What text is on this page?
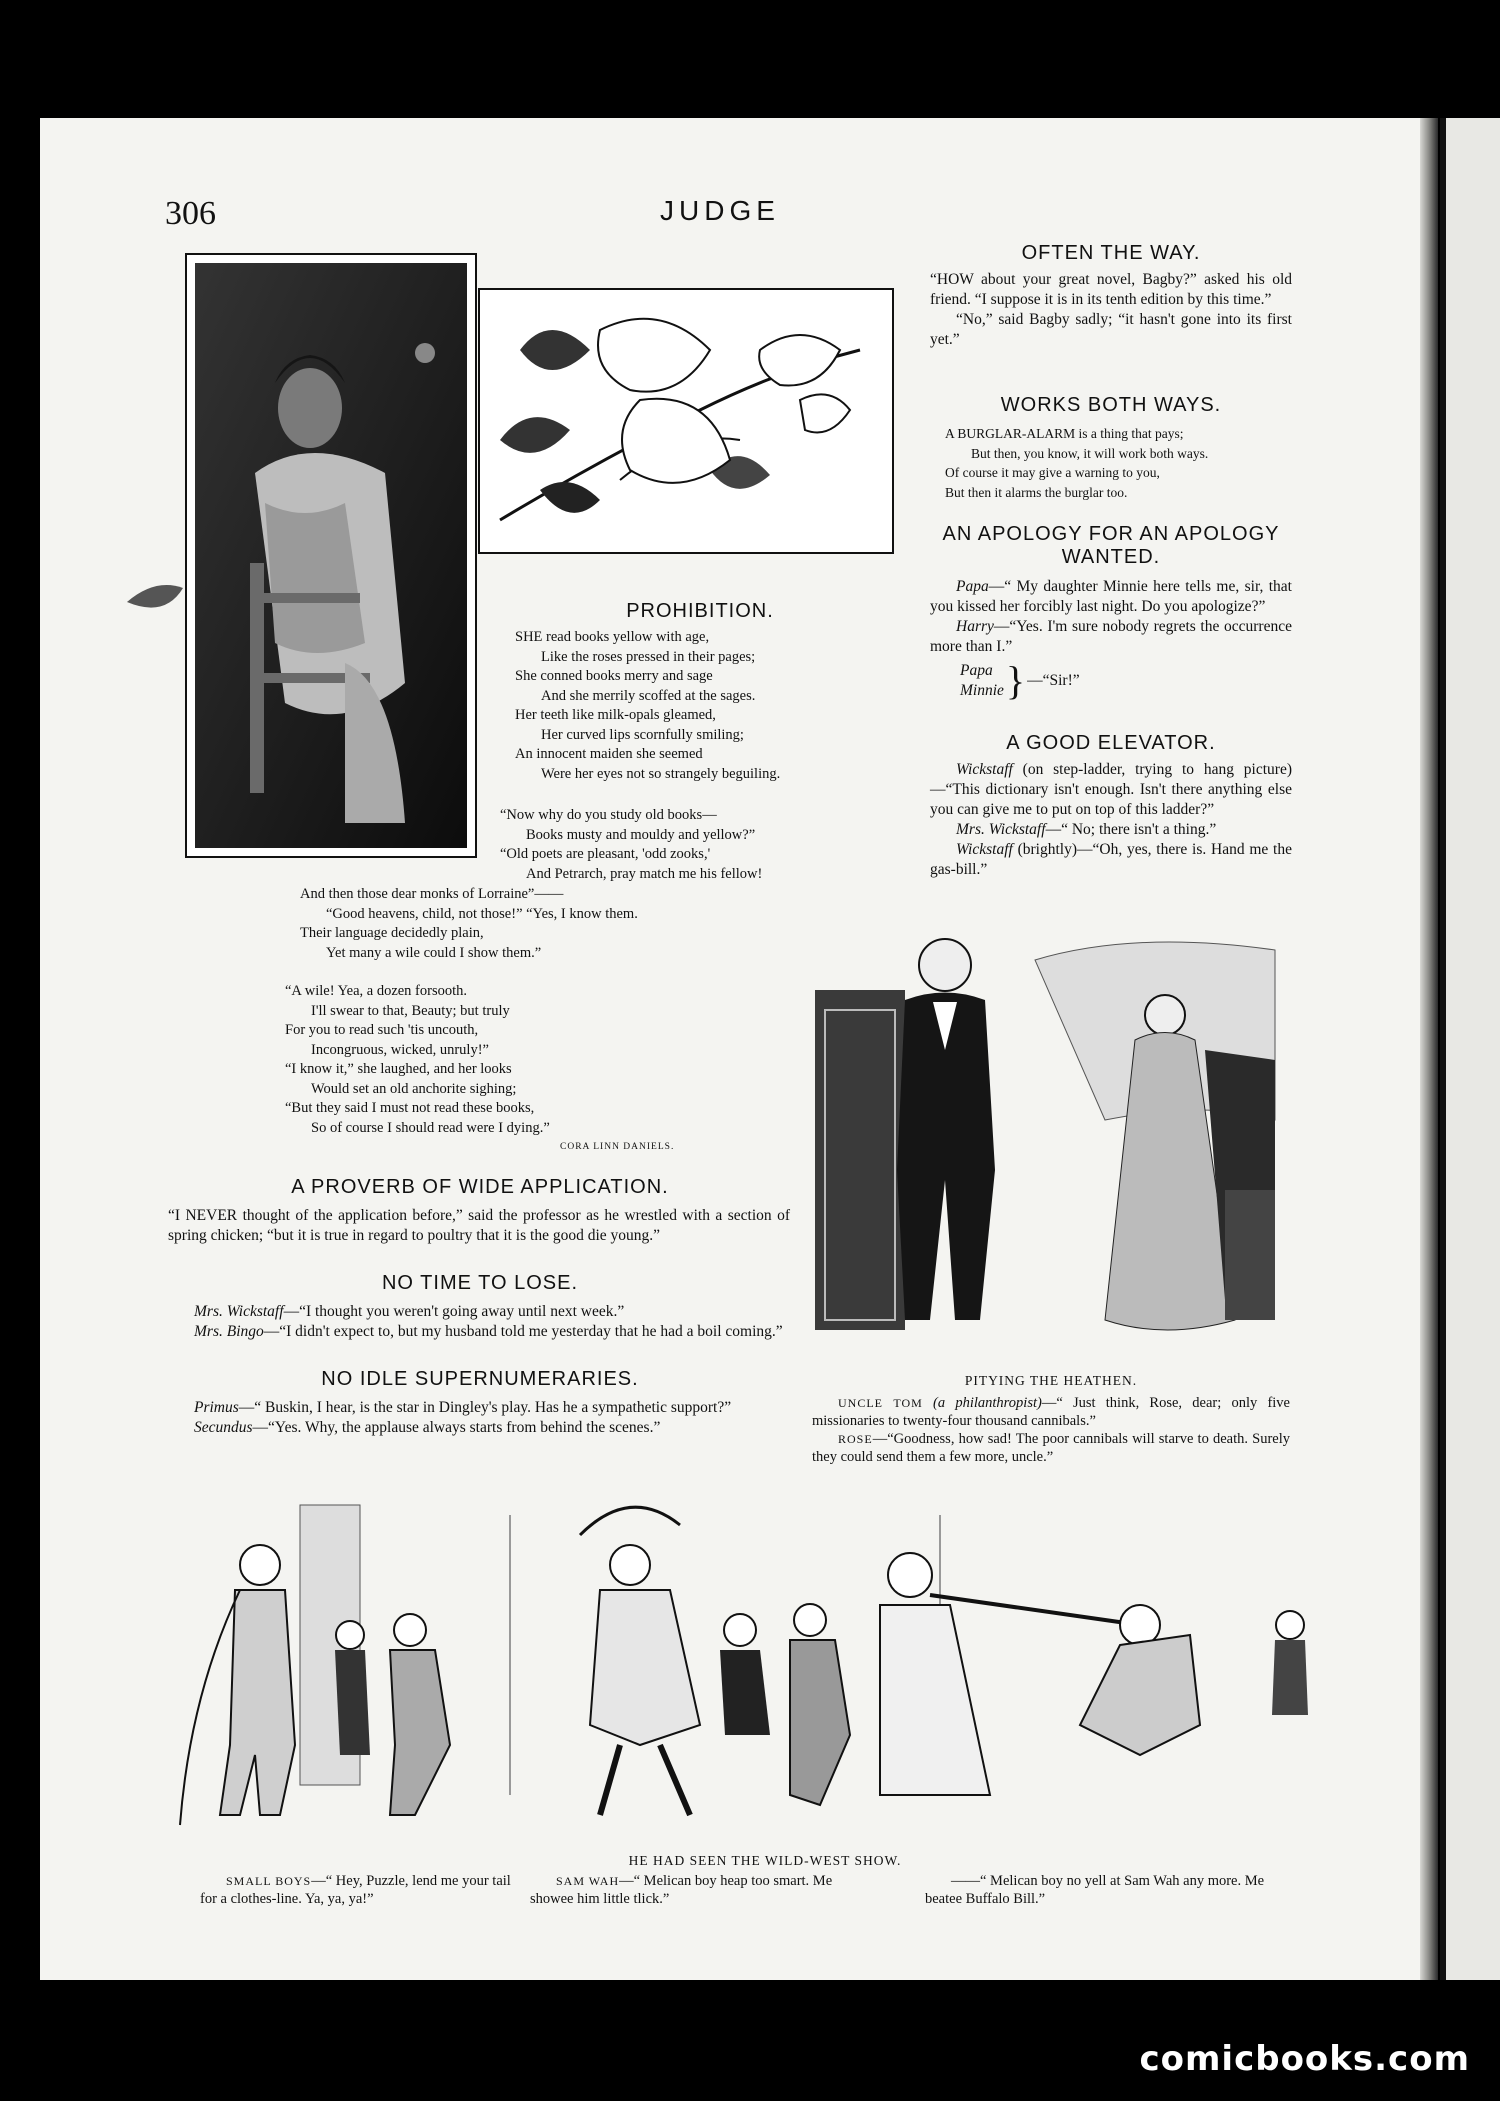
306	JUDGE
OFTEN THE WAY.

“HOW about your great novel, Bagby?” asked his old friend. “I suppose it is in its tenth edition by this time.”

“No,” said Bagby sadly; “it hasn't gone into its first yet.”

WORKS BOTH WAYS.
A BURGLAR-ALARM is a thing that pays;
But then, you know, it will work both ways.
Of course it may give a warning to you,
But then it alarms the burglar too.
AN APOLOGY FOR AN APOLOGY WANTED.

Papa—“ My daughter Minnie here tells me, sir, that you kissed her forcibly last night. Do you apologize?”

Harry—“Yes. I'm sure nobody regrets the occurrence more than I.”

Papa
Minnie } —“Sir!”
A GOOD ELEVATOR.

Wickstaff (on step-ladder, trying to hang picture)—“This dictionary isn't enough. Isn't there anything else you can give me to put on top of this ladder?”

Mrs. Wickstaff—“ No; there isn't a thing.”

Wickstaff (brightly)—“Oh, yes, there is. Hand me the gas-bill.”

PROHIBITION.
SHE read books yellow with age,
Like the roses pressed in their pages;
She conned books merry and sage
And she merrily scoffed at the sages.
Her teeth like milk-opals gleamed,
Her curved lips scornfully smiling;
An innocent maiden she seemed
Were her eyes not so strangely beguiling.
“Now why do you study old books—
Books musty and mouldy and yellow?”
“Old poets are pleasant, 'odd zooks,'
And Petrarch, pray match me his fellow!
And then those dear monks of Lorraine”——
“Good heavens, child, not those!” “Yes, I know them.
Their language decidedly plain,
Yet many a wile could I show them.”
“A wile! Yea, a dozen forsooth.
I'll swear to that, Beauty; but truly
For you to read such 'tis uncouth,
Incongruous, wicked, unruly!”
“I know it,” she laughed, and her looks
Would set an old anchorite sighing;
“But they said I must not read these books,
So of course I should read were I dying.”
CORA LINN DANIELS.
A PROVERB OF WIDE APPLICATION.

“I NEVER thought of the application before,” said the professor as he wrestled with a section of spring chicken; “but it is true in regard to poultry that it is the good die young.”

NO TIME TO LOSE.

Mrs. Wickstaff—“I thought you weren't going away until next week.”

Mrs. Bingo—“I didn't expect to, but my husband told me yesterday that he had a boil coming.”

NO IDLE SUPERNUMERARIES.

Primus—“ Buskin, I hear, is the star in Dingley's play. Has he a sympathetic support?”

Secundus—“Yes. Why, the applause always starts from behind the scenes.”

PITYING THE HEATHEN.

UNCLE TOM (a philanthropist)—“ Just think, Rose, dear; only five missionaries to twenty-four thousand cannibals.”

ROSE—“Goodness, how sad! The poor cannibals will starve to death. Surely they could send them a few more, uncle.”

HE HAD SEEN THE WILD-WEST SHOW.

SMALL BOYS—“ Hey, Puzzle, lend me your tail for a clothes-line. Ya, ya, ya!”

SAM WAH—“ Melican boy heap too smart. Me showee him little tlick.”

——“ Melican boy no yell at Sam Wah any more. Me beatee Buffalo Bill.”

comicbooks.com
